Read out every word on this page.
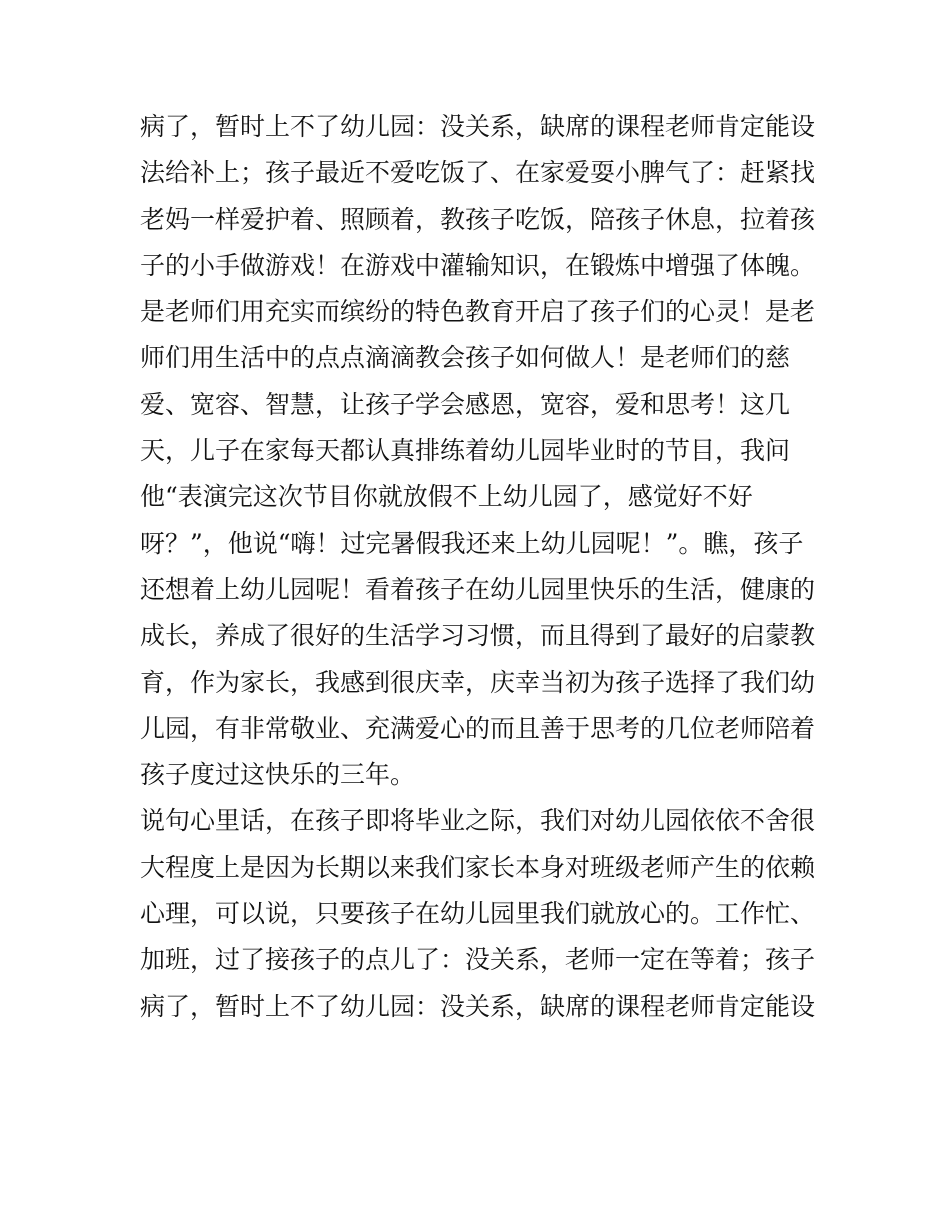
病了，暂时上不了幼儿园：没关系，缺席的课程老师肯定能设
法给补上；孩子最近不爱吃饭了、在家爱耍小脾气了：赶紧找
老妈一样爱护着、照顾着，教孩子吃饭，陪孩子休息，拉着孩
子的小手做游戏！在游戏中灌输知识，在锻炼中增强了体魄。
是老师们用充实而缤纷的特色教育开启了孩子们的心灵！是老
师们用生活中的点点滴滴教会孩子如何做人！是老师们的慈
爱、宽容、智慧，让孩子学会感恩，宽容，爱和思考！这几
天，儿子在家每天都认真排练着幼儿园毕业时的节目，我问
他“表演完这次节目你就放假不上幼儿园了，感觉好不好
呀？”，他说“嗨！过完暑假我还来上幼儿园呢！”。瞧，孩子
还想着上幼儿园呢！看着孩子在幼儿园里快乐的生活，健康的
成长，养成了很好的生活学习习惯，而且得到了最好的启蒙教
育，作为家长，我感到很庆幸，庆幸当初为孩子选择了我们幼
儿园，有非常敬业、充满爱心的而且善于思考的几位老师陪着
孩子度过这快乐的三年。
说句心里话，在孩子即将毕业之际，我们对幼儿园依依不舍很
大程度上是因为长期以来我们家长本身对班级老师产生的依赖
心理，可以说，只要孩子在幼儿园里我们就放心的。工作忙、
加班，过了接孩子的点儿了：没关系，老师一定在等着；孩子
病了，暂时上不了幼儿园：没关系，缺席的课程老师肯定能设
